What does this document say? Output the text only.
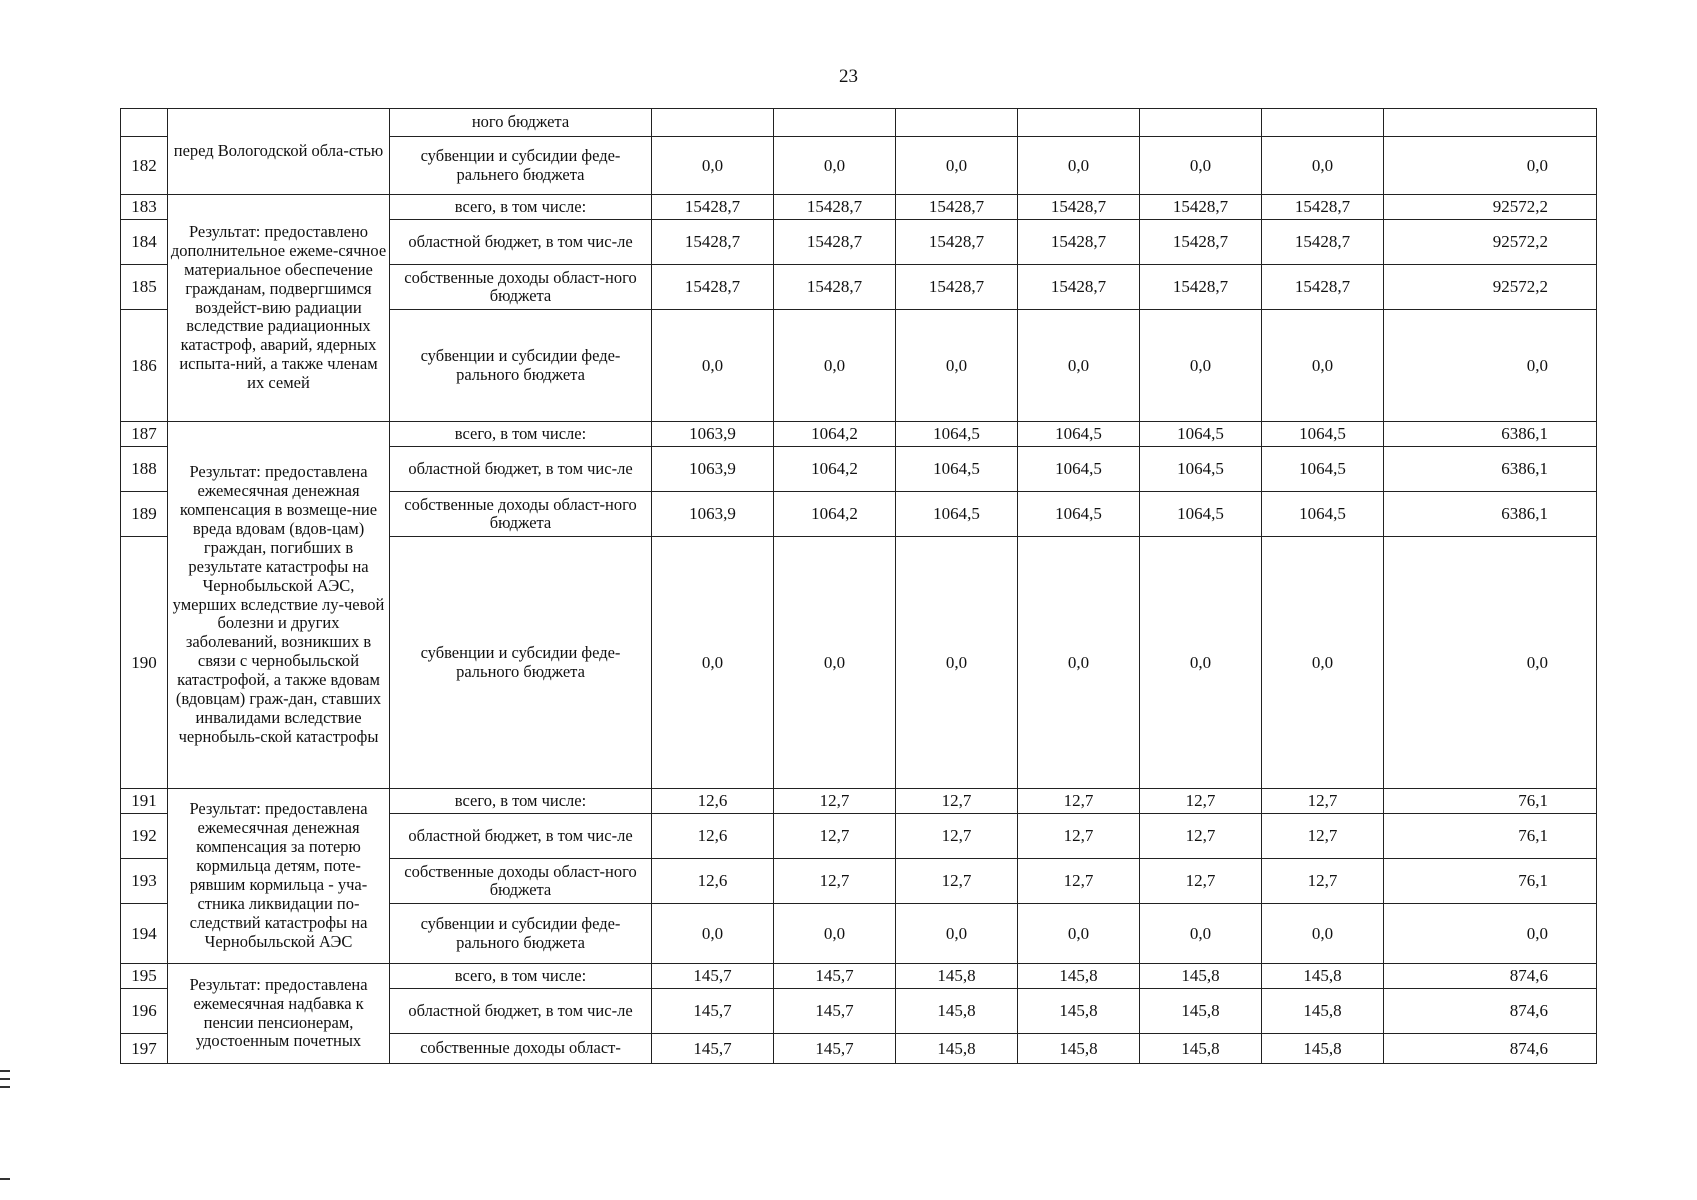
23
	перед Вологодской обла-стью	ного бюджета							
182		субвенции и субсидии феде-ральнего бюджета	0,0	0,0	0,0	0,0	0,0	0,0	0,0
183	Результат: предоставлено дополнительное ежеме-сячное материальное обеспечение гражданам, подвергшимся воздейст-вию радиации вследствие радиационных катастроф, аварий, ядерных испыта-ний, а также членам их семей	всего, в том числе:	15428,7	15428,7	15428,7	15428,7	15428,7	15428,7	92572,2
184		областной бюджет, в том чис-ле	15428,7	15428,7	15428,7	15428,7	15428,7	15428,7	92572,2
185		собственные доходы област-ного бюджета	15428,7	15428,7	15428,7	15428,7	15428,7	15428,7	92572,2
186		субвенции и субсидии феде-рального бюджета	0,0	0,0	0,0	0,0	0,0	0,0	0,0
187	Результат: предоставлена ежемесячная денежная компенсация в возмеще-ние вреда вдовам (вдов-цам) граждан, погибших в результате катастрофы на Чернобыльской АЭС, умерших вследствие лу-чевой болезни и других заболеваний, возникших в связи с чернобыльской катастрофой, а также вдовам (вдовцам) граж-дан, ставших инвалидами вследствие чернобыль-ской катастрофы	всего, в том числе:	1063,9	1064,2	1064,5	1064,5	1064,5	1064,5	6386,1
188		областной бюджет, в том чис-ле	1063,9	1064,2	1064,5	1064,5	1064,5	1064,5	6386,1
189		собственные доходы област-ного бюджета	1063,9	1064,2	1064,5	1064,5	1064,5	1064,5	6386,1
190		субвенции и субсидии феде-рального бюджета	0,0	0,0	0,0	0,0	0,0	0,0	0,0
191	Результат: предоставлена ежемесячная денежная компенсация за потерю кормильца детям, поте-рявшим кормильца - уча-стника ликвидации по-следствий катастрофы на Чернобыльской АЭС	всего, в том числе:	12,6	12,7	12,7	12,7	12,7	12,7	76,1
192		областной бюджет, в том чис-ле	12,6	12,7	12,7	12,7	12,7	12,7	76,1
193		собственные доходы област-ного бюджета	12,6	12,7	12,7	12,7	12,7	12,7	76,1
194		субвенции и субсидии феде-рального бюджета	0,0	0,0	0,0	0,0	0,0	0,0	0,0
195	Результат: предоставлена ежемесячная надбавка к пенсии пенсионерам, удостоенным почетных	всего, в том числе:	145,7	145,7	145,8	145,8	145,8	145,8	874,6
196		областной бюджет, в том чис-ле	145,7	145,7	145,8	145,8	145,8	145,8	874,6
197		собственные доходы област-	145,7	145,7	145,8	145,8	145,8	145,8	874,6
